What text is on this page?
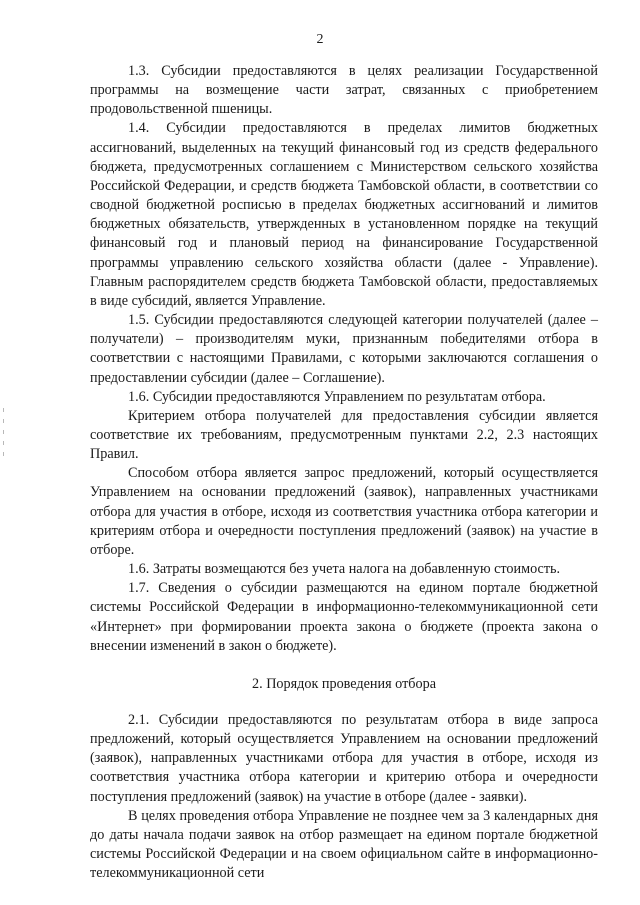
2

1.3. Субсидии предоставляются в целях реализации Государственной программы на возмещение части затрат, связанных с приобретением продовольственной пшеницы.

1.4. Субсидии предоставляются в пределах лимитов бюджетных ассигнований, выделенных на текущий финансовый год из средств федерального бюджета, предусмотренных соглашением с Министерством сельского хозяйства Российской Федерации, и средств бюджета Тамбовской области, в соответствии со сводной бюджетной росписью в пределах бюджетных ассигнований и лимитов бюджетных обязательств, утвержденных в установленном порядке на текущий финансовый год и плановый период на финансирование Государственной программы управлению сельского хозяйства области (далее - Управление). Главным распорядителем средств бюджета Тамбовской области, предоставляемых в виде субсидий, является Управление.

1.5. Субсидии предоставляются следующей категории получателей (далее – получатели) – производителям муки, признанным победителями отбора в соответствии с настоящими Правилами, с которыми заключаются соглашения о предоставлении субсидии (далее – Соглашение).

1.6. Субсидии предоставляются Управлением по результатам отбора.

Критерием отбора получателей для предоставления субсидии является соответствие их требованиям, предусмотренным пунктами 2.2, 2.3 настоящих Правил.

Способом отбора является запрос предложений, который осуществляется Управлением на основании предложений (заявок), направленных участниками отбора для участия в отборе, исходя из соответствия участника отбора категории и критериям отбора и очередности поступления предложений (заявок) на участие в отборе.

1.6. Затраты возмещаются без учета налога на добавленную стоимость.

1.7. Сведения о субсидии размещаются на едином портале бюджетной системы Российской Федерации в информационно-телекоммуникационной сети «Интернет» при формировании проекта закона о бюджете (проекта закона о внесении изменений в закон о бюджете).

2. Порядок проведения отбора

2.1. Субсидии предоставляются по результатам отбора в виде запроса предложений, который осуществляется Управлением на основании предложений (заявок), направленных участниками отбора для участия в отборе, исходя из соответствия участника отбора категории и критерию отбора и очередности поступления предложений (заявок) на участие в отборе (далее - заявки).

В целях проведения отбора Управление не позднее чем за 3 календарных дня до даты начала подачи заявок на отбор размещает на едином портале бюджетной системы Российской Федерации и на своем официальном сайте в информационно-телекоммуникационной сети
